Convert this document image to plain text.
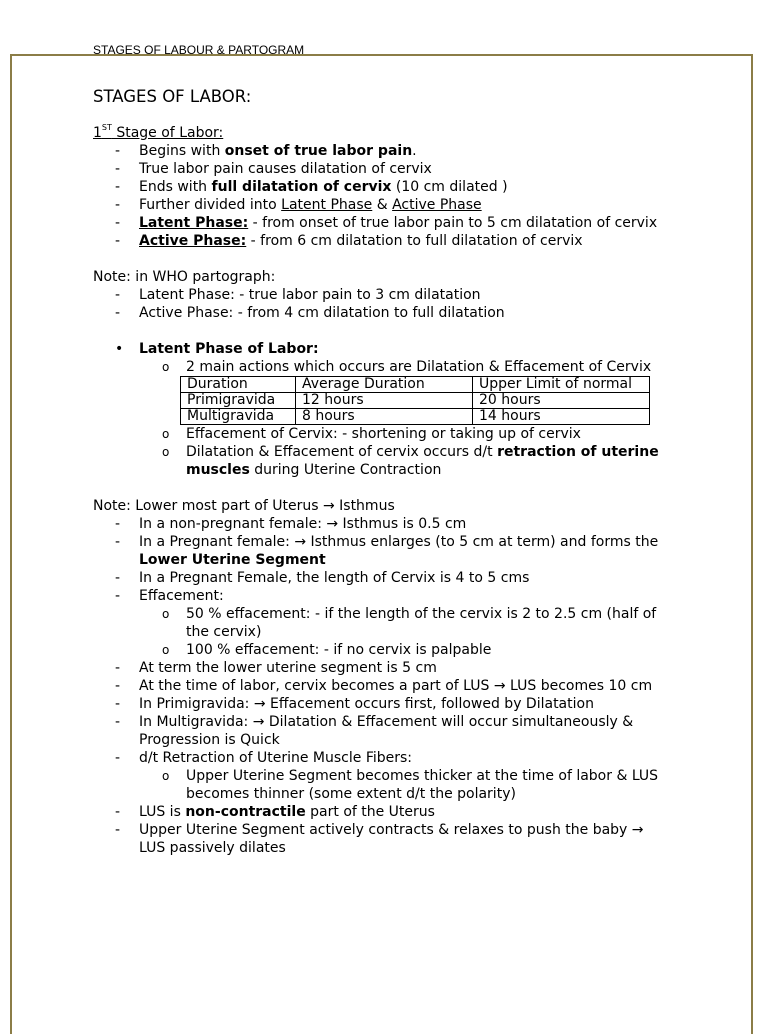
STAGES OF LABOUR & PARTOGRAM
STAGES OF LABOR:
1ST Stage of Labor:
- Begins with onset of true labor pain.
- True labor pain causes dilatation of cervix
- Ends with full dilatation of cervix (10 cm dilated )
- Further divided into Latent Phase & Active Phase
- Latent Phase: - from onset of true labor pain to 5 cm dilatation of cervix
- Active Phase: - from 6 cm dilatation to full dilatation of cervix
Note: in WHO partograph:
- Latent Phase: - true labor pain to 3 cm dilatation
- Active Phase: - from 4 cm dilatation to full dilatation
• Latent Phase of Labor:
o 2 main actions which occurs are Dilatation & Effacement of Cervix
Duration	Average Duration	Upper Limit of normal
Primigravida	12 hours	20 hours
Multigravida	8 hours	14 hours
o Effacement of Cervix: - shortening or taking up of cervix
o Dilatation & Effacement of cervix occurs d/t retraction of uterine
muscles during Uterine Contraction
Note: Lower most part of Uterus → Isthmus
- In a non-pregnant female: → Isthmus is 0.5 cm
- In a Pregnant female: → Isthmus enlarges (to 5 cm at term) and forms the
Lower Uterine Segment
- In a Pregnant Female, the length of Cervix is 4 to 5 cms
- Effacement:
o 50 % effacement: - if the length of the cervix is 2 to 2.5 cm (half of
the cervix)
o 100 % effacement: - if no cervix is palpable
- At term the lower uterine segment is 5 cm
- At the time of labor, cervix becomes a part of LUS → LUS becomes 10 cm
- In Primigravida: → Effacement occurs first, followed by Dilatation
- In Multigravida: → Dilatation & Effacement will occur simultaneously &
Progression is Quick
- d/t Retraction of Uterine Muscle Fibers:
o Upper Uterine Segment becomes thicker at the time of labor & LUS
becomes thinner (some extent d/t the polarity)
- LUS is non-contractile part of the Uterus
- Upper Uterine Segment actively contracts & relaxes to push the baby →
LUS passively dilates
